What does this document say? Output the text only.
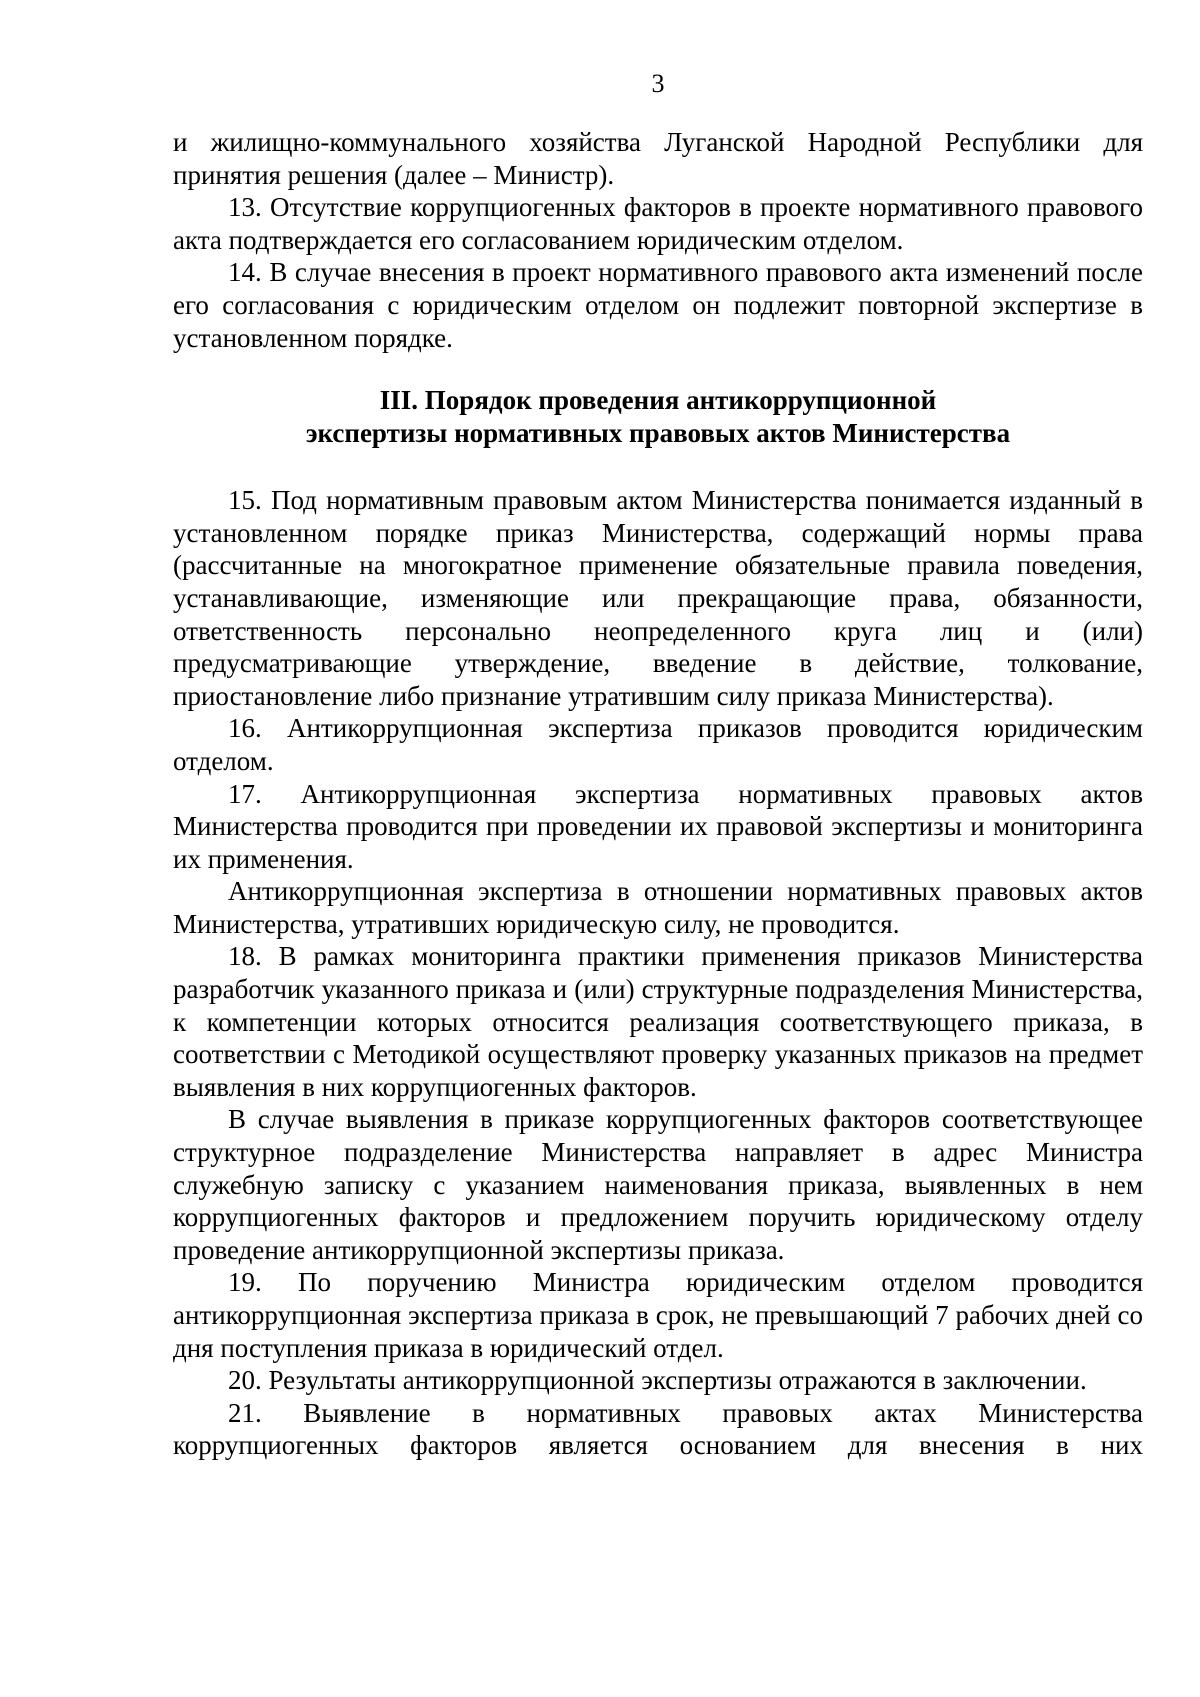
3

и жилищно-коммунального хозяйства Луганской Народной Республики для принятия решения (далее – Министр).

13. Отсутствие коррупциогенных факторов в проекте нормативного правового акта подтверждается его согласованием юридическим отделом.

14. В случае внесения в проект нормативного правового акта изменений после его согласования с юридическим отделом он подлежит повторной экспертизе в установленном порядке.

III. Порядок проведения антикоррупционной
экспертизы нормативных правовых актов Министерства

15. Под нормативным правовым актом Министерства понимается изданный в установленном порядке приказ Министерства, содержащий нормы права (рассчитанные на многократное применение обязательные правила поведения, устанавливающие, изменяющие или прекращающие права, обязанности, ответственность персонально неопределенного круга лиц и (или) предусматривающие утверждение, введение в действие, толкование, приостановление либо признание утратившим силу приказа Министерства).

16. Антикоррупционная экспертиза приказов проводится юридическим отделом.

17. Антикоррупционная экспертиза нормативных правовых актов Министерства проводится при проведении их правовой экспертизы и мониторинга их применения.

Антикоррупционная экспертиза в отношении нормативных правовых актов Министерства, утративших юридическую силу, не проводится.

18. В рамках мониторинга практики применения приказов Министерства разработчик указанного приказа и (или) структурные подразделения Министерства, к компетенции которых относится реализация соответствующего приказа, в соответствии с Методикой осуществляют проверку указанных приказов на предмет выявления в них коррупциогенных факторов.

В случае выявления в приказе коррупциогенных факторов соответствующее структурное подразделение Министерства направляет в адрес Министра служебную записку с указанием наименования приказа, выявленных в нем коррупциогенных факторов и предложением поручить юридическому отделу проведение антикоррупционной экспертизы приказа.

19. По поручению Министра юридическим отделом проводится антикоррупционная экспертиза приказа в срок, не превышающий 7 рабочих дней со дня поступления приказа в юридический отдел.

20. Результаты антикоррупционной экспертизы отражаются в заключении.

21. Выявление в нормативных правовых актах Министерства коррупциогенных факторов является основанием для внесения в них
